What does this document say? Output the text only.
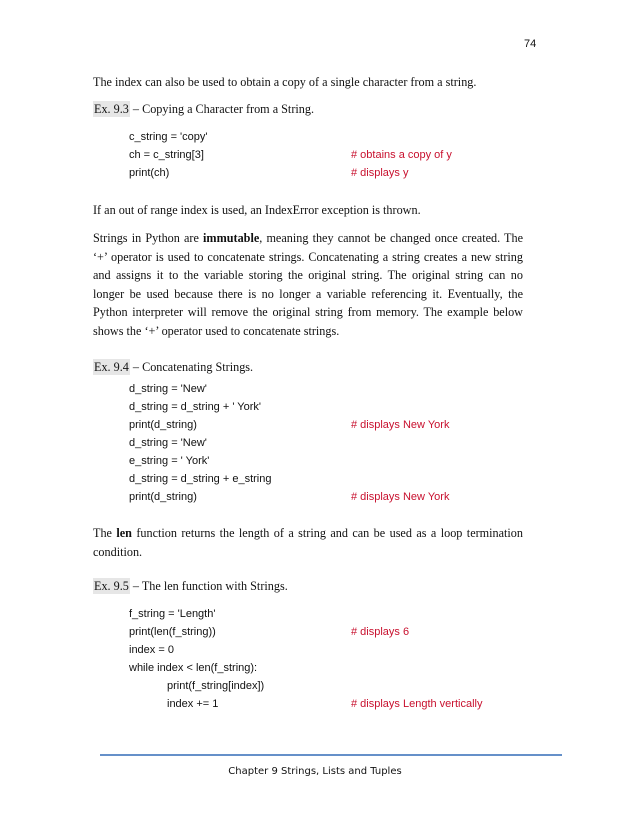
74
The index can also be used to obtain a copy of a single character from a string.
Ex. 9.3 – Copying a Character from a String.
c_string = 'copy'
ch = c_string[3]	# obtains a copy of y
print(ch)	# displays y
If an out of range index is used, an IndexError exception is thrown.
Strings in Python are immutable, meaning they cannot be changed once created. The ‘+’ operator is used to concatenate strings. Concatenating a string creates a new string and assigns it to the variable storing the original string. The original string can no longer be used because there is no longer a variable referencing it. Eventually, the Python interpreter will remove the original string from memory. The example below shows the ‘+’ operator used to concatenate strings.
Ex. 9.4 – Concatenating Strings.
d_string = 'New'
d_string = d_string + ' York'
print(d_string)	# displays New York
d_string = 'New'
e_string = ' York'
d_string = d_string + e_string
print(d_string)	# displays New York
The len function returns the length of a string and can be used as a loop termination condition.
Ex. 9.5 – The len function with Strings.
f_string = 'Length'
print(len(f_string))	# displays 6
index = 0
while index < len(f_string):
print(f_string[index])
index += 1	# displays Length vertically
Chapter 9 Strings, Lists and Tuples
